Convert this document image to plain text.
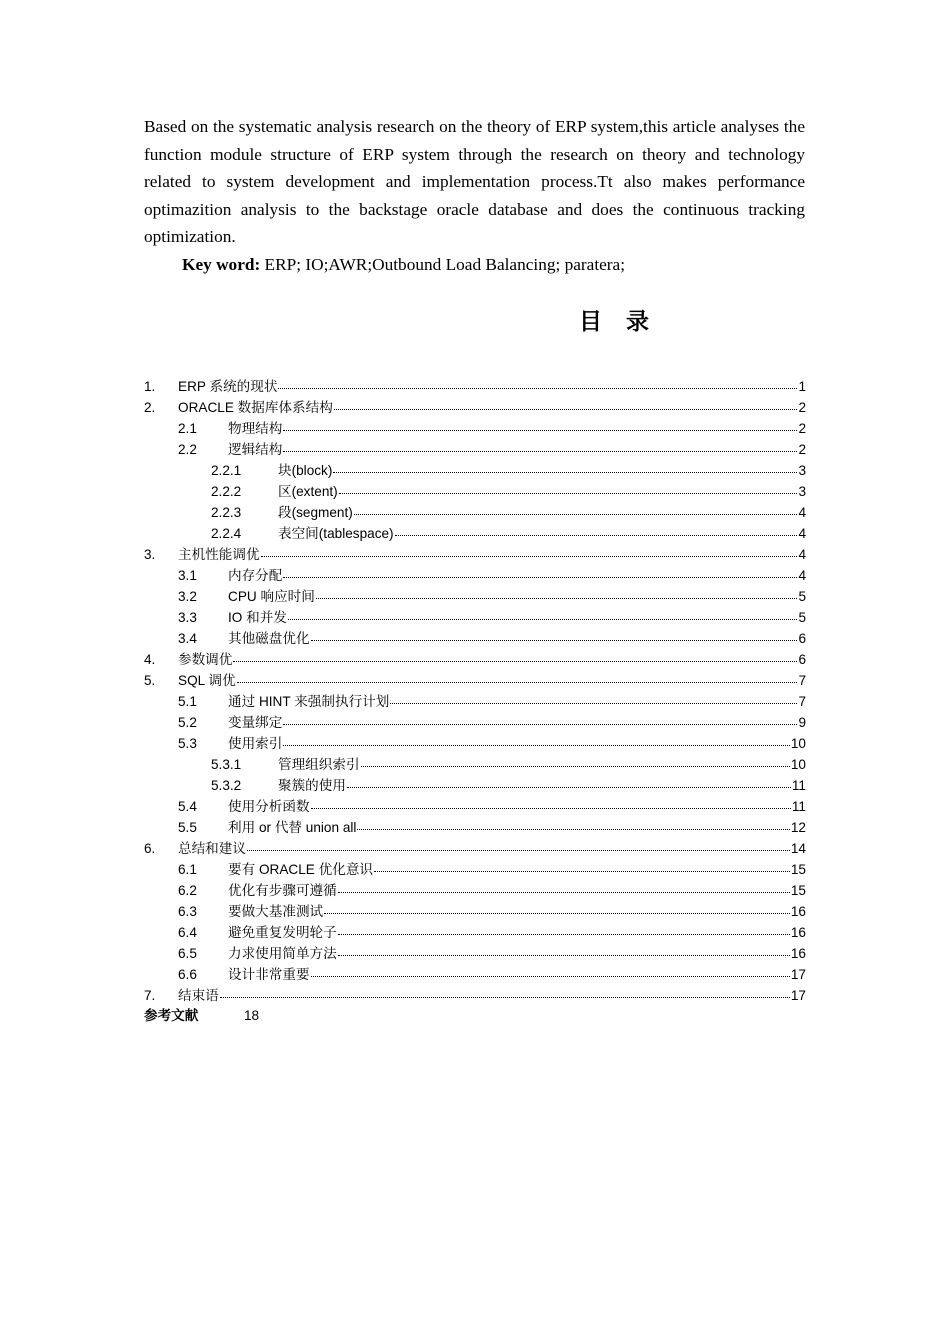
Based on the systematic analysis research on the theory of ERP system,this article analyses the function module structure of ERP system through the research on theory and technology related to system development and implementation process.Tt also makes performance optimazition analysis to the backstage oracle database and does the continuous tracking optimization.

Key word: ERP; IO;AWR;Outbound Load Balancing; paratera;

目录
1.	ERP 系统的现状	1
2.	ORACLE 数据库体系结构	2
2.1	物理结构	2
2.2	逻辑结构	2
2.2.1	块(block)	3
2.2.2	区(extent)	3
2.2.3	段(segment)	4
2.2.4	表空间(tablespace)	4
3.	主机性能调优	4
3.1	内存分配	4
3.2	CPU 响应时间	5
3.3	IO 和并发	5
3.4	其他磁盘优化	6
4.	参数调优	6
5.	SQL 调优	7
5.1	通过 HINT 来强制执行计划	7
5.2	变量绑定	9
5.3	使用索引	10
5.3.1	管理组织索引	10
5.3.2	聚簇的使用	11
5.4	使用分析函数	11
5.5	利用 or 代替 union all	12
6.	总结和建议	14
6.1	要有 ORACLE 优化意识	15
6.2	优化有步骤可遵循	15
6.3	要做大基准测试	16
6.4	避免重复发明轮子	16
6.5	力求使用简单方法	16
6.6	设计非常重要	17
7.	结束语	17
参考文献	18
